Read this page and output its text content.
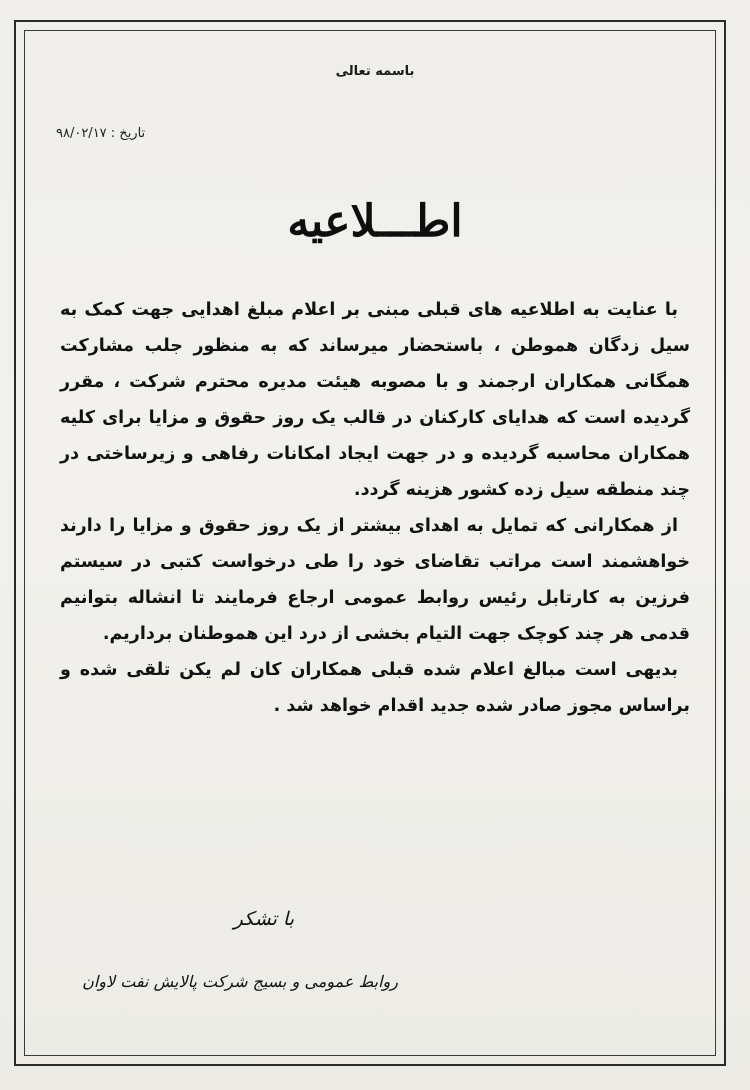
باسمه تعالی
تاریخ : ۹۸/۰۲/۱۷
اطـــلاعیه

با عنایت به اطلاعیه های قبلی مبنی بر اعلام مبلغ اهدایی جهت کمک به سیل زدگان هموطن ، باستحضار میرساند که به منظور جلب مشارکت همگانی همکاران ارجمند و با مصوبه هیئت مدیره محترم شرکت ، مقرر گردیده است که هدایای کارکنان در قالب یک روز حقوق و مزایا برای کلیه همکاران محاسبه گردیده و در جهت ایجاد امکانات رفاهی و زیرساختی در چند منطقه سیل زده کشور هزینه گردد.

از همکارانی که تمایل به اهدای بیشتر از یک روز حقوق و مزایا را دارند خواهشمند است مراتب تقاضای خود را طی درخواست کتبی در سیستم فرزین به کارتابل رئیس روابط عمومی ارجاع فرمایند تا انشاله بتوانیم قدمی هر چند کوچک جهت التیام بخشی از درد این هموطنان برداریم.

بدیهی است مبالغ اعلام شده قبلی همکاران کان لم یکن تلقی شده و براساس مجوز صادر شده جدید اقدام خواهد شد .

با تشکر
روابط عمومی و بسیج شرکت پالایش نفت لاوان
